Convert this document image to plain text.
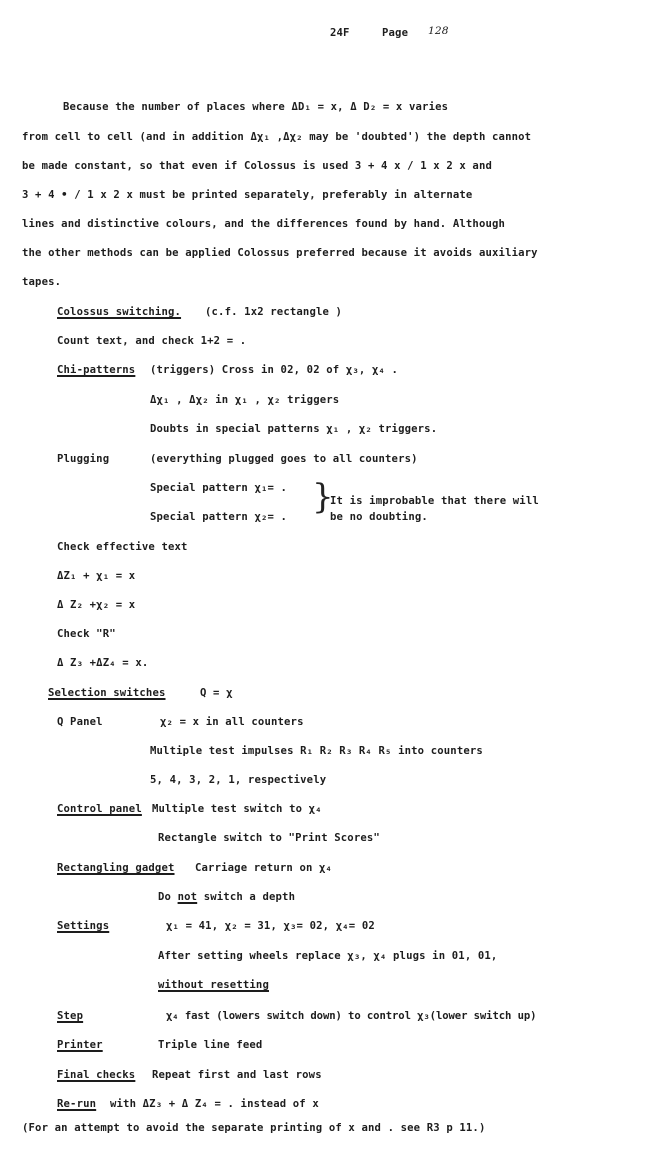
24F	Page 128
Because the number of places where ΔD₁ = x, Δ D₂ = x varies
from cell to cell (and in addition Δχ₁ ,Δχ₂ may be 'doubted') the depth cannot
be made constant, so that even if Colossus is used 3 + 4 x / 1 x 2 x and
3 + 4 • / 1 x 2 x must be printed separately, preferably in alternate
lines and distinctive colours, and the differences found by hand. Although
the other methods can be applied Colossus preferred because it avoids auxiliary
tapes.
Colossus switching. (c.f. 1x2 rectangle )
Count text, and check 1+2 = .
Chi-patterns (triggers) Cross in 02, 02 of χ₃, χ₄ .
Δχ₁ , Δχ₂ in χ₁ , χ₂ triggers
Doubts in special patterns χ₁ , χ₂ triggers.
Plugging	(everything plugged goes to all counters)
Special pattern χ₁= .
Special pattern χ₂= . }
It is improbable that there will
be no doubting.
Check effective text
ΔZ₁ + χ₁ = x
Δ Z₂ +χ₂ = x
Check "R"
Δ Z₃ +ΔZ₄ = x.
Selection switches	Q = χ
Q Panel	χ₂ = x in all counters
Multiple test impulses R₁ R₂ R₃ R₄ R₅ into counters
5, 4, 3, 2, 1, respectively
Control panel Multiple test switch to χ₄
Rectangle switch to "Print Scores"
Rectangling gadget Carriage return on χ₄
Do not switch a depth
Settings	χ₁ = 41, χ₂ = 31, χ₃= 02, χ₄= 02
After setting wheels replace χ₃, χ₄ plugs in 01, 01,
without resetting
Step	χ₄ fast (lowers switch down) to control χ₃(lower switch up)
Printer	Triple line feed
Final checks Repeat first and last rows
Re-run with ΔZ₃ + Δ Z₄ = . instead of x
(For an attempt to avoid the separate printing of x and . see R3 p 11.)
